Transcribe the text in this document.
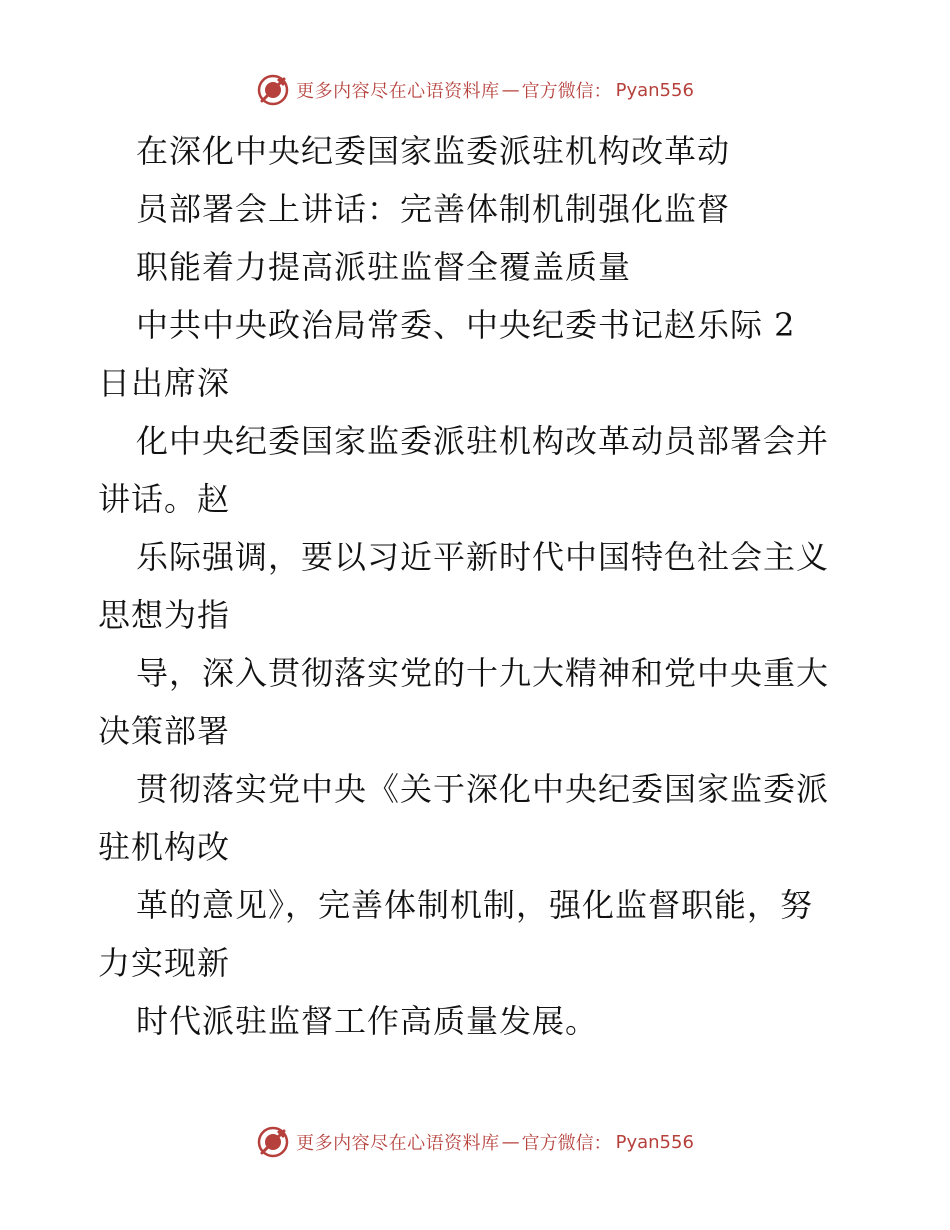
更多内容尽在心语资料库 — 官方微信： Pyan556
在深化中央纪委国家监委派驻机构改革动
员部署会上讲话：完善体制机制强化监督
职能着力提高派驻监督全覆盖质量
中共中央政治局常委、中央纪委书记赵乐际 2
日出席深
化中央纪委国家监委派驻机构改革动员部署会并
讲话。赵
乐际强调，要以习近平新时代中国特色社会主义
思想为指
导，深入贯彻落实党的十九大精神和党中央重大
决策部署
贯彻落实党中央《关于深化中央纪委国家监委派
驻机构改
革的意见》，完善体制机制，强化监督职能，努
力实现新
时代派驻监督工作高质量发展。
更多内容尽在心语资料库 — 官方微信： Pyan556
